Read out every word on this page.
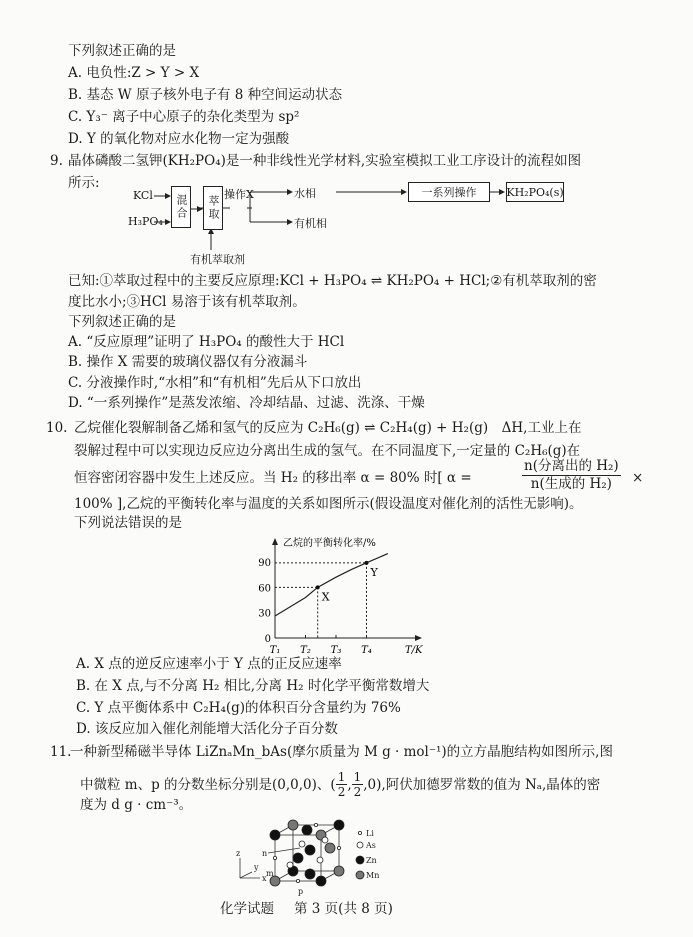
下列叙述正确的是
A. 电负性:Z > Y > X
B. 基态 W 原子核外电子有 8 种空间运动状态
C. Y₃⁻ 离子中心原子的杂化类型为 sp²
D. Y 的氧化物对应水化物一定为强酸
9. 晶体磷酸二氢钾(KH₂PO₄)是一种非线性光学材料,实验室模拟工业工序设计的流程如图
所示:
KCl
H₃PO₄
混合	萃取
操作X	水相
有机相
一系列操作	KH₂PO₄(s)
有机萃取剂
已知:①萃取过程中的主要反应原理:KCl + H₃PO₄ ⇌ KH₂PO₄ + HCl;②有机萃取剂的密
度比水小;③HCl 易溶于该有机萃取剂。
下列叙述正确的是
A. “反应原理”证明了 H₃PO₄ 的酸性大于 HCl
B. 操作 X 需要的玻璃仪器仅有分液漏斗
C. 分液操作时,“水相”和“有机相”先后从下口放出
D. “一系列操作”是蒸发浓缩、冷却结晶、过滤、洗涤、干燥
10. 乙烷催化裂解制备乙烯和氢气的反应为 C₂H₆(g) ⇌ C₂H₄(g) + H₂(g)　ΔH,工业上在
裂解过程中可以实现边反应边分离出生成的氢气。在不同温度下,一定量的 C₂H₆(g)在
恒容密闭容器中发生上述反应。当 H₂ 的移出率 α = 80% 时[ α =
n(分离出的 H₂)
n(生成的 H₂)	×
100% ],乙烷的平衡转化率与温度的关系如图所示(假设温度对催化剂的活性无影响)。
下列说法错误的是
乙烷的平衡转化率/%
T/K
0
30
60
90
T₁ T₂ T₃ T₄
X
Y
A. X 点的逆反应速率小于 Y 点的正反应速率
B. 在 X 点,与不分离 H₂ 相比,分离 H₂ 时化学平衡常数增大
C. Y 点平衡体系中 C₂H₄(g)的体积百分含量约为 76%
D. 该反应加入催化剂能增大活化分子百分数
11.
一种新型稀磁半导体 LiZnₐMn_bAs(摩尔质量为 M g · mol⁻¹)的立方晶胞结构如图所示,图
中微粒 m、p 的分数坐标分别是(0,0,0)、( $\frac{1}{2}$ , $\frac{1}{2} ,0$),阿伏加德罗常数的值为 Nₐ,晶体的密
度为 d g · cm⁻³。
z
y
x
n
m
p
Li
As
Zn
Mn
化学试题 第 3 页(共 8 页)
